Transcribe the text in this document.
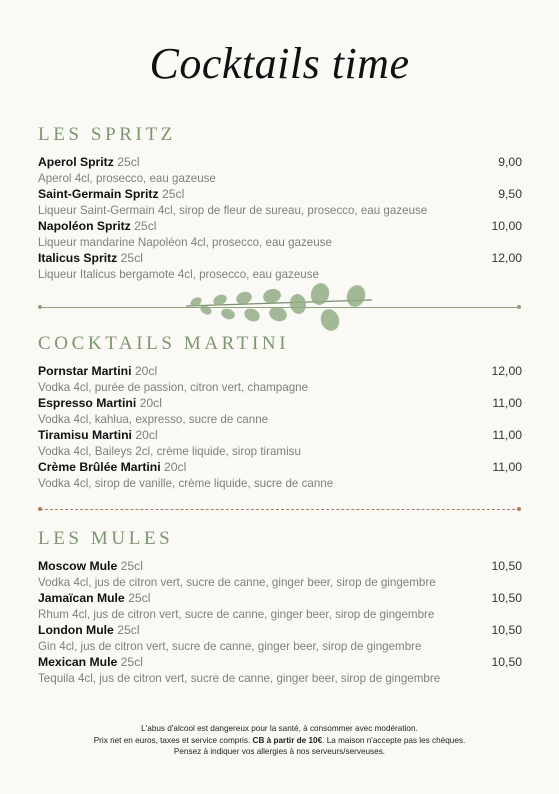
Cocktails time
LES SPRITZ
Aperol Spritz 25cl	9,00
Aperol 4cl, prosecco, eau gazeuse
Saint-Germain Spritz 25cl	9,50
Liqueur Saint-Germain 4cl, sirop de fleur de sureau, prosecco, eau gazeuse
Napoléon Spritz 25cl	10,00
Liqueur mandarine Napoléon 4cl, prosecco, eau gazeuse
Italicus Spritz 25cl	12,00
Liqueur Italicus bergamote 4cl, prosecco, eau gazeuse
COCKTAILS MARTINI
Pornstar Martini 20cl	12,00
Vodka 4cl, purée de passion, citron vert, champagne
Espresso Martini 20cl	11,00
Vodka 4cl, kahlua, expresso, sucre de canne
Tiramisu Martini 20cl	11,00
Vodka 4cl, Baileys 2cl, crème liquide, sirop tiramisu
Crème Brûlée Martini 20cl	11,00
Vodka 4cl, sirop de vanille, crème liquide, sucre de canne
LES MULES
Moscow Mule 25cl	10,50
Vodka 4cl, jus de citron vert, sucre de canne, ginger beer, sirop de gingembre
Jamaïcan Mule 25cl	10,50
Rhum 4cl, jus de citron vert, sucre de canne, ginger beer, sirop de gingembre
London Mule 25cl	10,50
Gin 4cl, jus de citron vert, sucre de canne, ginger beer, sirop de gingembre
Mexican Mule 25cl	10,50
Tequila 4cl, jus de citron vert, sucre de canne, ginger beer, sirop de gingembre
L'abus d'alcool est dangereux pour la santé, à consommer avec modération.
Prix net en euros, taxes et service compris. CB à partir de 10€. La maison n'accepte pas les chèques.
Pensez à indiquer vos allergies à nos serveurs/serveuses.
